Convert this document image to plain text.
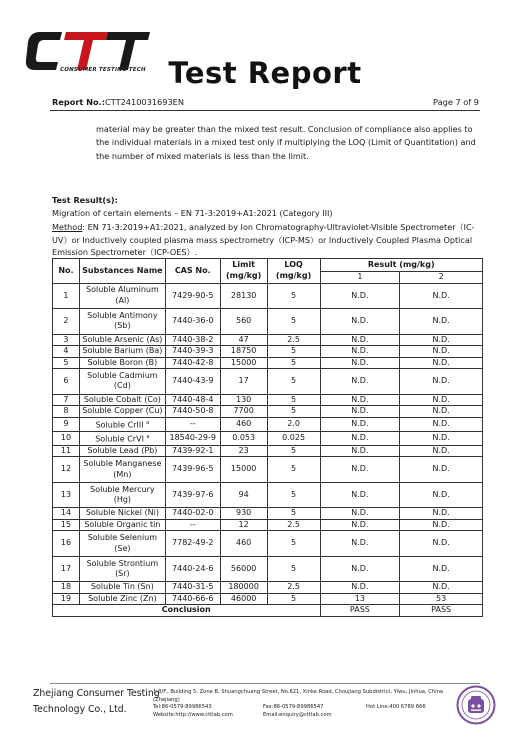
CONSUMER TESTING TECH Test Report
Report No.:CTT2410031693EN	Page 7 of 9

material may be greater than the mixed test result. Conclusion of compliance also applies to the individual materials in a mixed test only if multiplying the LOQ (Limit of Quantitation) and the number of mixed materials is less than the limit.

Test Result(s):
Migration of certain elements – EN 71-3:2019+A1:2021 (Category III)
Method: EN 71-3:2019+A1:2021, analyzed by Ion Chromatography-Ultraviolet-Visible Spectrometer（IC-UV）or Inductively coupled plasma mass spectrometry（ICP-MS）or Inductively Coupled Plasma Optical Emission Spectrometer（ICP-OES）.
No.	Substances Name	CAS No.	Limit (mg/kg)	LOQ (mg/kg)	Result (mg/kg)	
					1	2
1	Soluble Aluminum (Al)	7429-90-5	28130	5	N.D.	N.D.
2	Soluble Antimony (Sb)	7440-36-0	560	5	N.D.	N.D.
3	Soluble Arsenic (As)	7440-38-2	47	2.5	N.D.	N.D.
4	Soluble Barium (Ba)	7440-39-3	18750	5	N.D.	N.D.
5	Soluble Boron (B)	7440-42-8	15000	5	N.D.	N.D.
6	Soluble Cadmium (Cd)	7440-43-9	17	5	N.D.	N.D.
7	Soluble Cobalt (Co)	7440-48-4	130	5	N.D.	N.D.
8	Soluble Copper (Cu)	7440-50-8	7700	5	N.D.	N.D.
9	Soluble CrIII $^a$	--	460	2.0	N.D.	N.D.
10	Soluble CrVI $^a$	18540-29-9	0.053	0.025	N.D.	N.D.
11	Soluble Lead (Pb)	7439-92-1	23	5	N.D.	N.D.
12	Soluble Manganese (Mn)	7439-96-5	15000	5	N.D.	N.D.
13	Soluble Mercury (Hg)	7439-97-6	94	5	N.D.	N.D.
14	Soluble Nickel (Ni)	7440-02-0	930	5	N.D.	N.D.
15	Soluble Organic tin	--	12	2.5	N.D.	N.D.
16	Soluble Selenium (Se)	7782-49-2	460	5	N.D.	N.D.
17	Soluble Strontium (Sr)	7440-24-6	56000	5	N.D.	N.D.
18	Soluble Tin (Sn)	7440-31-5	180000	2.5	N.D.	N.D.
19	Soluble Zinc (Zn)	7440-66-6	46000	5	13	53
Conclusion					PASS	PASS
Zhejiang Consumer Testing
Technology Co., Ltd.
1-3/F., Building 5, Zone B, Shuangchuang Street, No.621, Xinke Road, Choujiang Subdistrict, Yiwu, Jinhua, China (Zhejiang)
Tel:86-0579-89986543	Fax:86-0579-89986547	Hot Line:400 6789 666
Website:http://www.cttlab.com	Email:enquiry@cttlab.com
